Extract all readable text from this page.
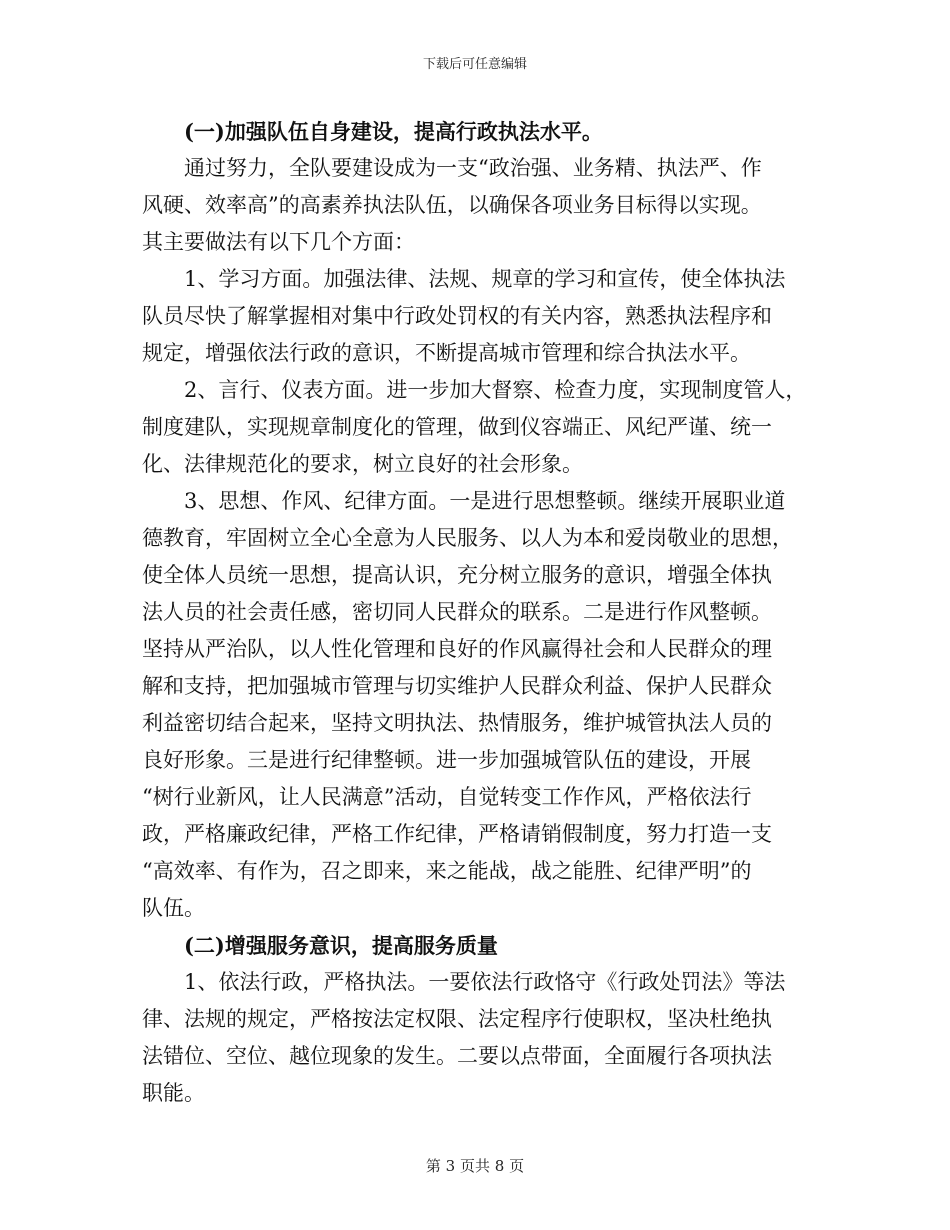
下载后可任意编辑
(一)加强队伍自身建设，提高行政执法水平。
通过努力，全队要建设成为一支“政治强、业务精、执法严、作
风硬、效率高”的高素养执法队伍，以确保各项业务目标得以实现。
其主要做法有以下几个方面：
1、学习方面。加强法律、法规、规章的学习和宣传，使全体执法
队员尽快了解掌握相对集中行政处罚权的有关内容，熟悉执法程序和
规定，增强依法行政的意识，不断提高城市管理和综合执法水平。
2、言行、仪表方面。进一步加大督察、检查力度，实现制度管人，
制度建队，实现规章制度化的管理，做到仪容端正、风纪严谨、统一
化、法律规范化的要求，树立良好的社会形象。
3、思想、作风、纪律方面。一是进行思想整顿。继续开展职业道
德教育，牢固树立全心全意为人民服务、以人为本和爱岗敬业的思想，
使全体人员统一思想，提高认识，充分树立服务的意识，增强全体执
法人员的社会责任感，密切同人民群众的联系。二是进行作风整顿。
坚持从严治队，以人性化管理和良好的作风赢得社会和人民群众的理
解和支持，把加强城市管理与切实维护人民群众利益、保护人民群众
利益密切结合起来，坚持文明执法、热情服务，维护城管执法人员的
良好形象。三是进行纪律整顿。进一步加强城管队伍的建设，开展
“树行业新风，让人民满意”活动，自觉转变工作作风，严格依法行
政，严格廉政纪律，严格工作纪律，严格请销假制度，努力打造一支
“高效率、有作为，召之即来，来之能战，战之能胜、纪律严明”的
队伍。
(二)增强服务意识，提高服务质量
1、依法行政，严格执法。一要依法行政恪守《行政处罚法》等法
律、法规的规定，严格按法定权限、法定程序行使职权，坚决杜绝执
法错位、空位、越位现象的发生。二要以点带面，全面履行各项执法
职能。
第 3 页共 8 页
